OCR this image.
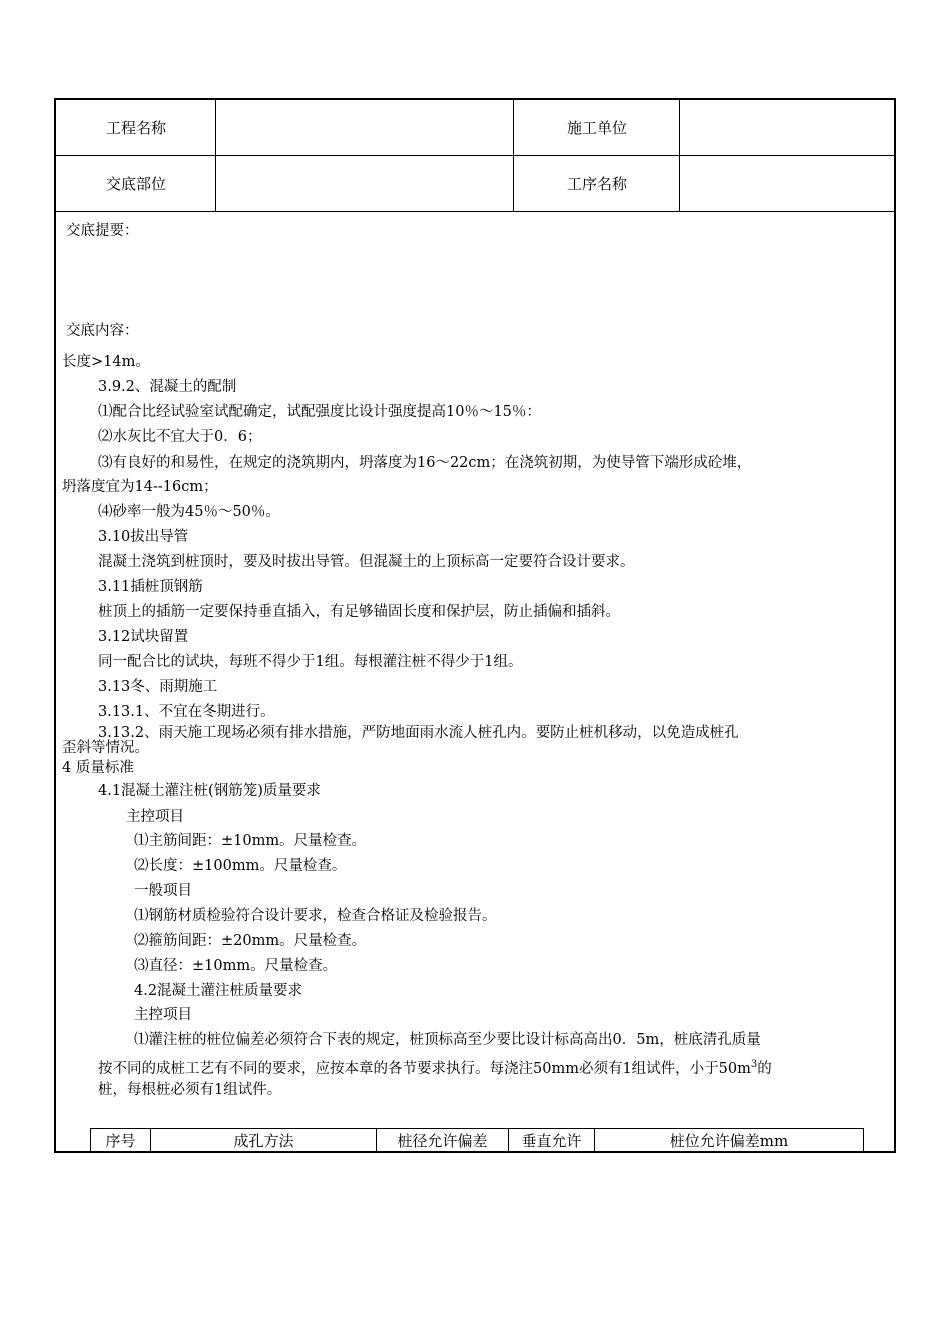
工程名称	施工单位
交底部位	工序名称
交底提要：
交底内容：
长度>14m。
3.9.2、混凝土的配制
⑴配合比经试验室试配确定，试配强度比设计强度提高10％～15％：
⑵水灰比不宜大于0．6；
⑶有良好的和易性，在规定的浇筑期内，坍落度为16～22cm；在浇筑初期，为使导管下端形成砼堆，
坍落度宜为14--16cm；
⑷砂率一般为45％～50％。
3.10拔出导管
混凝土浇筑到桩顶时，要及时拔出导管。但混凝土的上顶标高一定要符合设计要求。
3.11插桩顶钢筋
桩顶上的插筋一定要保持垂直插入，有足够锚固长度和保护层，防止插偏和插斜。
3.12试块留置
同一配合比的试块，每班不得少于1组。每根灌注桩不得少于1组。
3.13冬、雨期施工
3.13.1、不宜在冬期进行。
3.13.2、雨天施工现场必须有排水措施，严防地面雨水流人桩孔内。要防止桩机移动，以免造成桩孔
歪斜等情况。
4 质量标准
4.1混凝土灌注桩(钢筋笼)质量要求
主控项目
⑴主筋间距：±10mm。尺量检查。
⑵长度：±100mm。尺量检查。
一般项目
⑴钢筋材质检验符合设计要求，检查合格证及检验报告。
⑵箍筋间距：±20mm。尺量检查。
⑶直径：±10mm。尺量检查。
4.2混凝土灌注桩质量要求
主控项目
⑴灌注桩的桩位偏差必须符合下表的规定，桩顶标高至少要比设计标高高出0．5m，桩底清孔质量
按不同的成桩工艺有不同的要求，应按本章的各节要求执行。每浇注50mm必须有1组试件，小于$50m^3$的
桩，每根桩必须有1组试件。
序号	成孔方法	桩径允许偏差	垂直允许	桩位允许偏差mm
